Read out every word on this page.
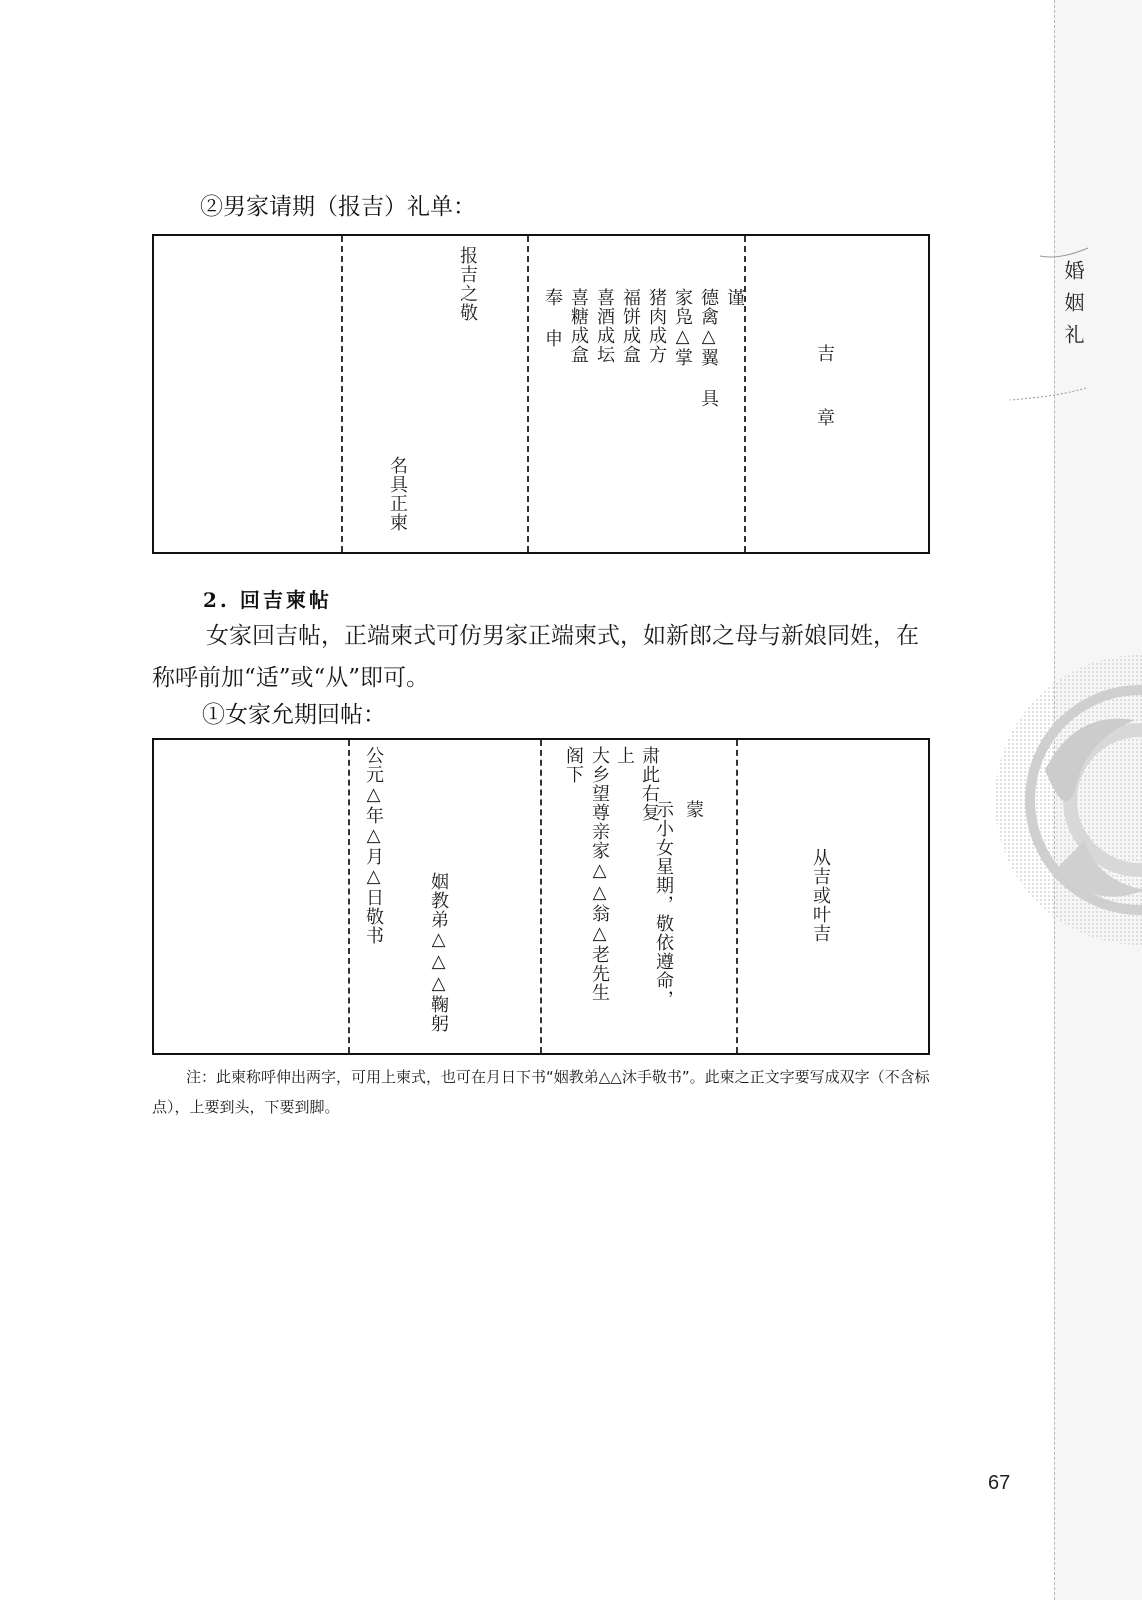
婚姻礼

②男家请期（报吉）礼单：

报吉之敬

名具正柬

谨

德禽△翼 具

家凫△掌

猪肉成方

福饼成盒

喜酒成坛

喜糖成盒

奉 申

吉

章

2. 回吉柬帖

女家回吉帖，正端柬式可仿男家正端柬式，如新郎之母与新娘同姓，在称呼前加“适”或“从”即可。

①女家允期回帖：

公元△年△月△日敬书

姻教弟△△△鞠躬

肃此右复

示小女星期，敬依遵命， 蒙

上

大乡望尊亲家△△翁△老先生

阁下

从吉或叶吉

注：此柬称呼伸出两字，可用上柬式，也可在月日下书“姻教弟△△沐手敬书”。此柬之正文字要写成双字（不含标点），上要到头，下要到脚。

67
